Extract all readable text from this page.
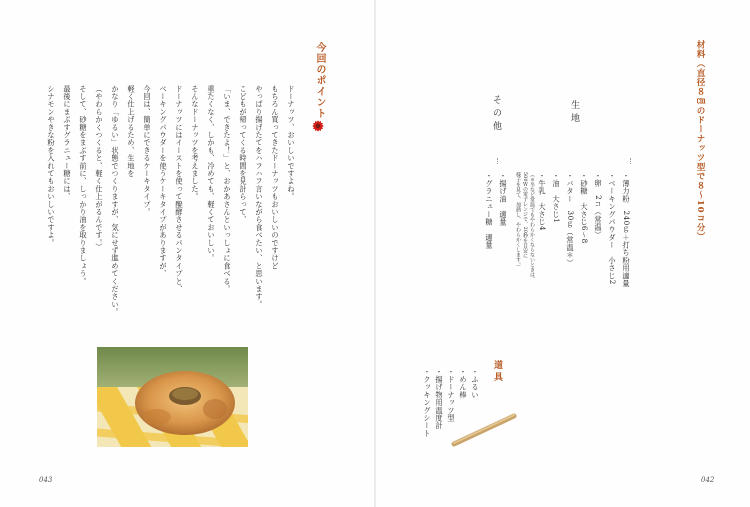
今回のポイント
ドーナッツ、おいしいですよね。
もちろん買ってきたドーナッツもおいしいのですけど
やっぱり揚げたてをハフハフ言いながら食べたい、と思います。
こどもが帰ってくる時間を見計らって、
「いま、できたよ！」と、おかあさんといっしょに食べる。
重たくなく、しかも、冷めても、軽くておいしい。
そんなドーナッツを考えました。
ドーナッツにはイーストを使って醗酵させるパンタイプと、
ベーキングパウダーを使うケーキタイプがありますが、
今回は、簡単にできるケーキタイプ。
軽く仕上げるため、生地を
かなり「ゆるい」状態でつくりますが、気にせず進めてください。
（やわらかくつくると、軽く仕上がるんです。）
そして、砂糖をまぶす前に、しっかり油を取りましょう。
最後にまぶすグラニュー糖には、
シナモンやきな粉を入れてもおいしいですよ。
043
材料（直径８㎝のドーナッツ型で８〜10コ分）
生地
・薄力粉　240ｇ＋打ち粉用適量
・ベーキングパウダー　小さじ2
・卵　2コ（常温）
・砂糖　大さじ6〜8
・バター　30ｇ（常温＊）
・油　大さじ1
・牛乳　大さじ4
（＊冬など常温でもやわらかくならないときは、
500Ｗの電子レンジで、20秒を目安に
様子を見て、加熱し、やわらかくします。）
その他
・揚げ油　適量
・グラニュー糖　適量
道具
・ふるい
・めん棒
・ドーナッツ型
・揚げ物用温度計
・クッキングシート
042
